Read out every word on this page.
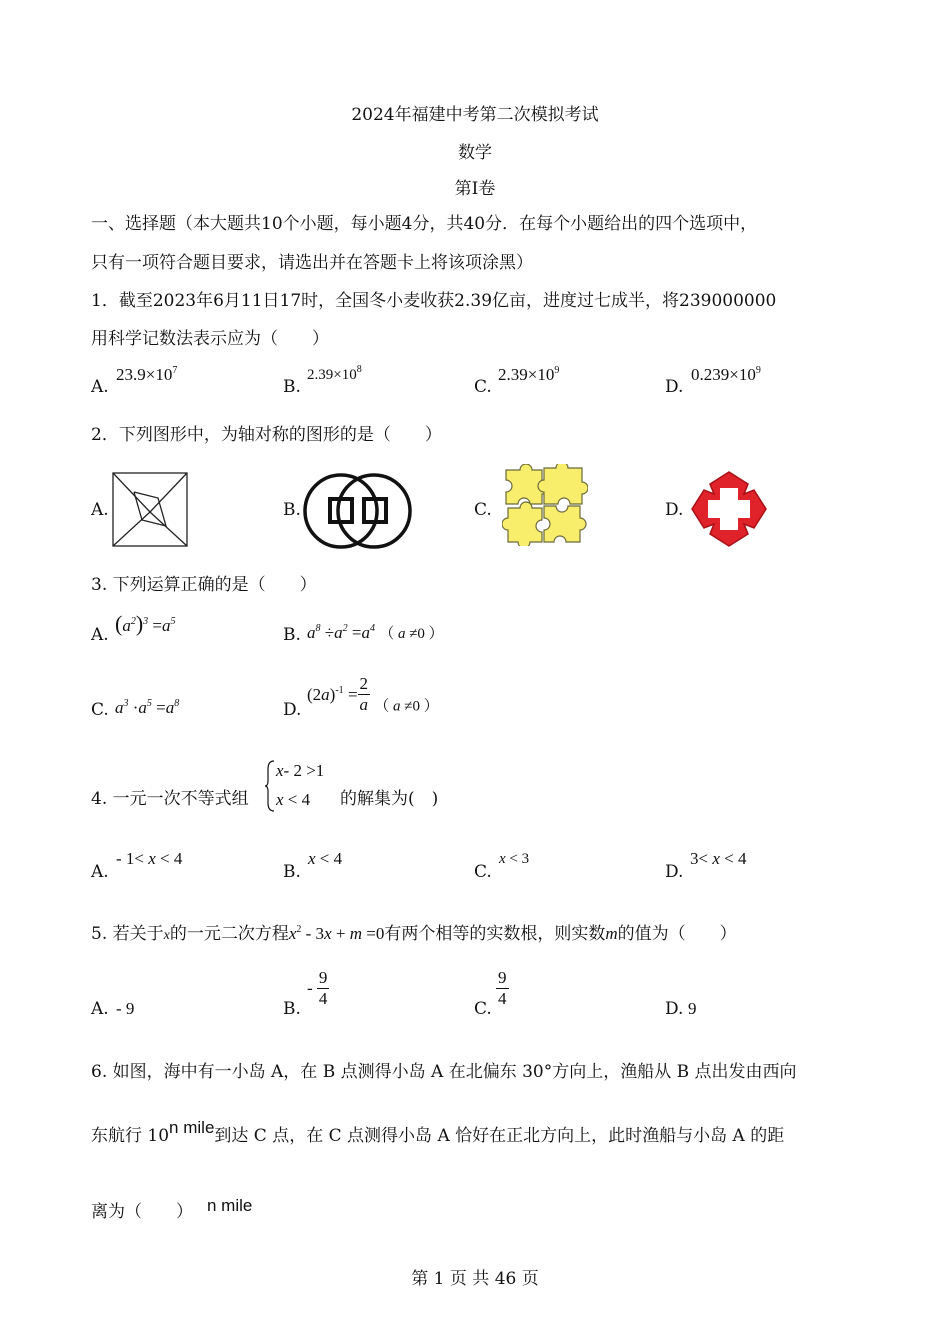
2024年福建中考第二次模拟考试
数学
第Ⅰ卷
一、选择题（本大题共10个小题，每小题4分，共40分．在每个小题给出的四个选项中，
只有一项符合题目要求，请选出并在答题卡上将该项涂黑）
1．截至2023年6月11日17时，全国冬小麦收获2.39亿亩，进度过七成半，将239000000
用科学记数法表示应为（　　）
A.
$23.9\times 10^7$
B.
$2.39\times 10^8$
C.
$2.39\times 10^9$
D.
$0.239\times 10^9$
2．下列图形中，为轴对称的图形的是（　　）
A.	B.	C.	D.
3. 下列运算正确的是（　　）
A. $(a^2)^3 =a^5$
B. $a^8 \div a^2 =a^4$ （ a ≠0 ）
C. $a^3 \cdot a^5 =a^8$	D.
$(2a)^{-1} = \frac{2}{a}$ （ a ≠0 ）
4. 一元一次不等式组
x- 2 >1
x < 4 的解集为(　)
A.
- 1< x < 4
B.
x < 4
C.
x < 3
D.
3< x < 4
5. 若关于x的一元二次方程$x^2 - 3x + m =0$有两个相等的实数根，则实数m的值为（　　）
A. - 9	B.
- $\frac{9}{4}$	C. $\frac{9}{4}$	D. 9
6. 如图，海中有一小岛 A，在 B 点测得小岛 A 在北偏东 30°方向上，渔船从 B 点出发由西向
东航行 10n mile到达 C 点，在 C 点测得小岛 A 恰好在正北方向上，此时渔船与小岛 A 的距
离为（　　） n mile
第 1 页 共 46 页
